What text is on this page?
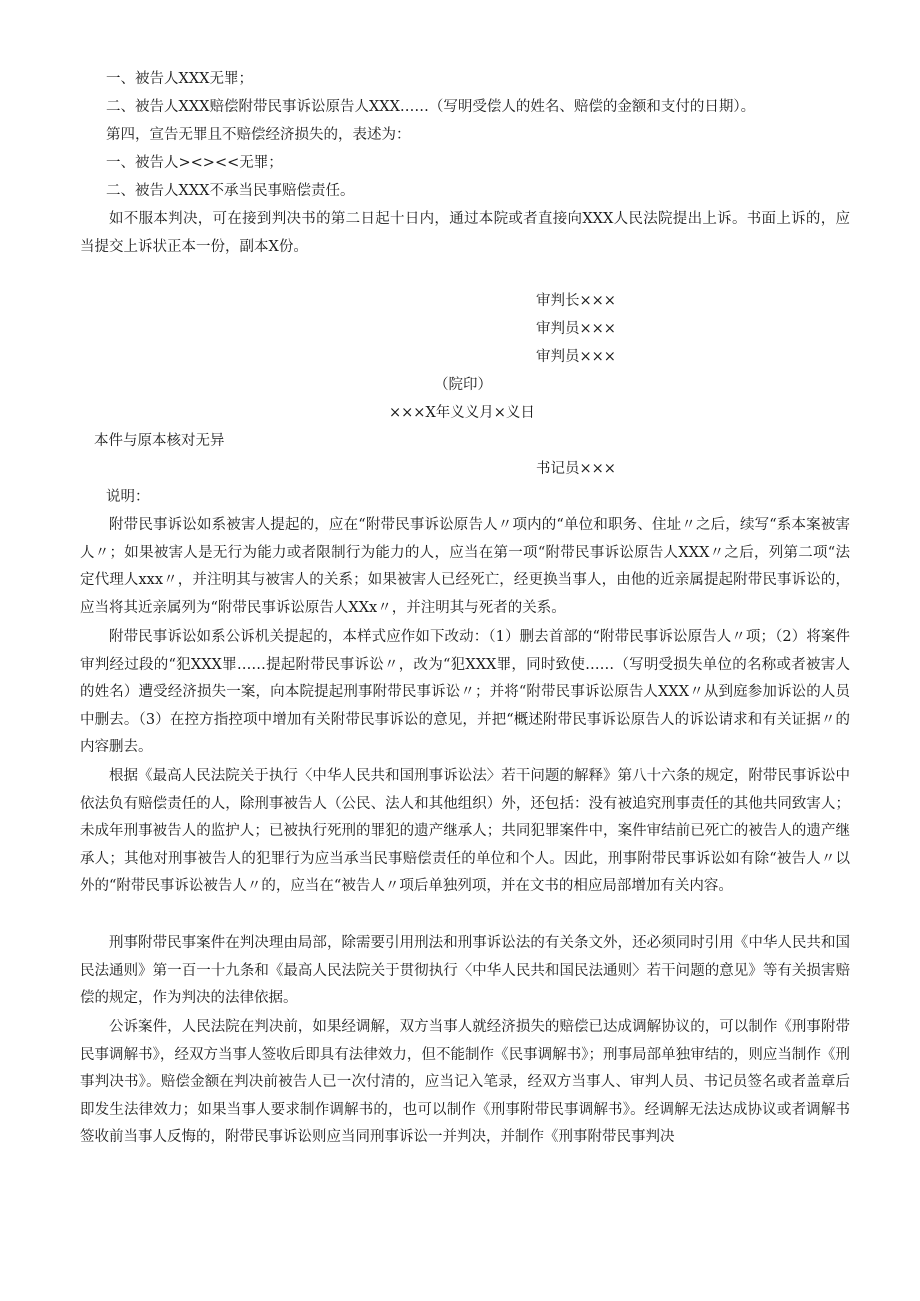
一、被告人XXX无罪；

二、被告人XXX赔偿附带民事诉讼原告人XXX……（写明受偿人的姓名、赔偿的金额和支付的日期）。

第四，宣告无罪且不赔偿经济损失的，表述为：

一、被告人><><<无罪；

二、被告人XXX不承当民事赔偿责任。

如不服本判决，可在接到判决书的第二日起十日内，通过本院或者直接向XXX人民法院提出上诉。书面上诉的，应当提交上诉状正本一份，副本X份。

审判长×××

审判员×××

审判员×××

（院印）

×××X年义义月×义日

本件与原本核对无异

书记员×××

说明：

附带民事诉讼如系被害人提起的，应在“附带民事诉讼原告人〃项内的“单位和职务、住址〃之后，续写“系本案被害人〃；如果被害人是无行为能力或者限制行为能力的人，应当在第一项“附带民事诉讼原告人XXX〃之后，列第二项“法定代理人xxx〃，并注明其与被害人的关系；如果被害人已经死亡，经更换当事人，由他的近亲属提起附带民事诉讼的，应当将其近亲属列为“附带民事诉讼原告人XXx〃，并注明其与死者的关系。

附带民事诉讼如系公诉机关提起的，本样式应作如下改动：（1）删去首部的“附带民事诉讼原告人〃项；（2）将案件审判经过段的“犯XXX罪……提起附带民事诉讼〃，改为“犯XXX罪，同时致使……（写明受损失单位的名称或者被害人的姓名）遭受经济损失一案，向本院提起刑事附带民事诉讼〃；并将“附带民事诉讼原告人XXX〃从到庭参加诉讼的人员中删去。（3）在控方指控项中增加有关附带民事诉讼的意见，并把“概述附带民事诉讼原告人的诉讼请求和有关证据〃的内容删去。

根据《最高人民法院关于执行〈中华人民共和国刑事诉讼法〉若干问题的解释》第八十六条的规定，附带民事诉讼中依法负有赔偿责任的人，除刑事被告人（公民、法人和其他组织）外，还包括：没有被追究刑事责任的其他共同致害人；未成年刑事被告人的监护人；已被执行死刑的罪犯的遗产继承人；共同犯罪案件中，案件审结前已死亡的被告人的遗产继承人；其他对刑事被告人的犯罪行为应当承当民事赔偿责任的单位和个人。因此，刑事附带民事诉讼如有除“被告人〃以外的“附带民事诉讼被告人〃的，应当在“被告人〃项后单独列项，并在文书的相应局部增加有关内容。

刑事附带民事案件在判决理由局部，除需要引用刑法和刑事诉讼法的有关条文外，还必须同时引用《中华人民共和国民法通则》第一百一十九条和《最高人民法院关于贯彻执行〈中华人民共和国民法通则〉若干问题的意见》等有关损害赔偿的规定，作为判决的法律依据。

公诉案件，人民法院在判决前，如果经调解，双方当事人就经济损失的赔偿已达成调解协议的，可以制作《刑事附带民事调解书》，经双方当事人签收后即具有法律效力，但不能制作《民事调解书》；刑事局部单独审结的，则应当制作《刑事判决书》。赔偿金额在判决前被告人已一次付清的，应当记入笔录，经双方当事人、审判人员、书记员签名或者盖章后即发生法律效力；如果当事人要求制作调解书的，也可以制作《刑事附带民事调解书》。经调解无法达成协议或者调解书签收前当事人反悔的，附带民事诉讼则应当同刑事诉讼一并判决，并制作《刑事附带民事判决
